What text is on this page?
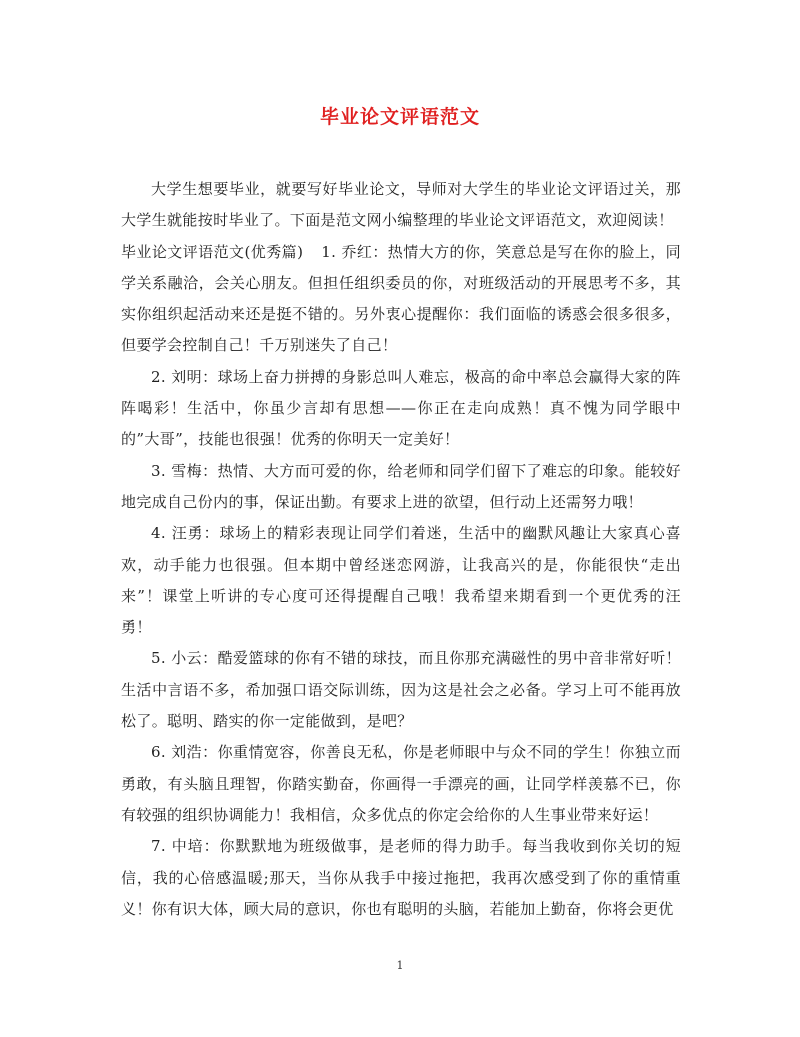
毕业论文评语范文

大学生想要毕业，就要写好毕业论文，导师对大学生的毕业论文评语过关，那大学生就能按时毕业了。下面是范文网小编整理的毕业论文评语范文，欢迎阅读！

毕业论文评语范文(优秀篇) 1. 乔红：热情大方的你，笑意总是写在你的脸上，同学关系融洽，会关心朋友。但担任组织委员的你，对班级活动的开展思考不多，其实你组织起活动来还是挺不错的。另外衷心提醒你：我们面临的诱惑会很多很多，但要学会控制自己！千万别迷失了自己！

2. 刘明：球场上奋力拼搏的身影总叫人难忘，极高的命中率总会赢得大家的阵阵喝彩！生活中，你虽少言却有思想——你正在走向成熟！真不愧为同学眼中的”大哥”，技能也很强！优秀的你明天一定美好！

3. 雪梅：热情、大方而可爱的你，给老师和同学们留下了难忘的印象。能较好地完成自己份内的事，保证出勤。有要求上进的欲望，但行动上还需努力哦！

4. 汪勇：球场上的精彩表现让同学们着迷，生活中的幽默风趣让大家真心喜欢，动手能力也很强。但本期中曾经迷恋网游，让我高兴的是，你能很快“走出来”！课堂上听讲的专心度可还得提醒自己哦！我希望来期看到一个更优秀的汪勇！

5. 小云：酷爱篮球的你有不错的球技，而且你那充满磁性的男中音非常好听！生活中言语不多，希加强口语交际训练，因为这是社会之必备。学习上可不能再放松了。聪明、踏实的你一定能做到，是吧？

6. 刘浩：你重情宽容，你善良无私，你是老师眼中与众不同的学生！你独立而勇敢，有头脑且理智，你踏实勤奋，你画得一手漂亮的画，让同学样羡慕不已，你有较强的组织协调能力！我相信，众多优点的你定会给你的人生事业带来好运！

7. 中培：你默默地为班级做事，是老师的得力助手。每当我收到你关切的短信，我的心倍感温暖;那天，当你从我手中接过拖把，我再次感受到了你的重情重义！你有识大体，顾大局的意识，你也有聪明的头脑，若能加上勤奋，你将会更优

1
